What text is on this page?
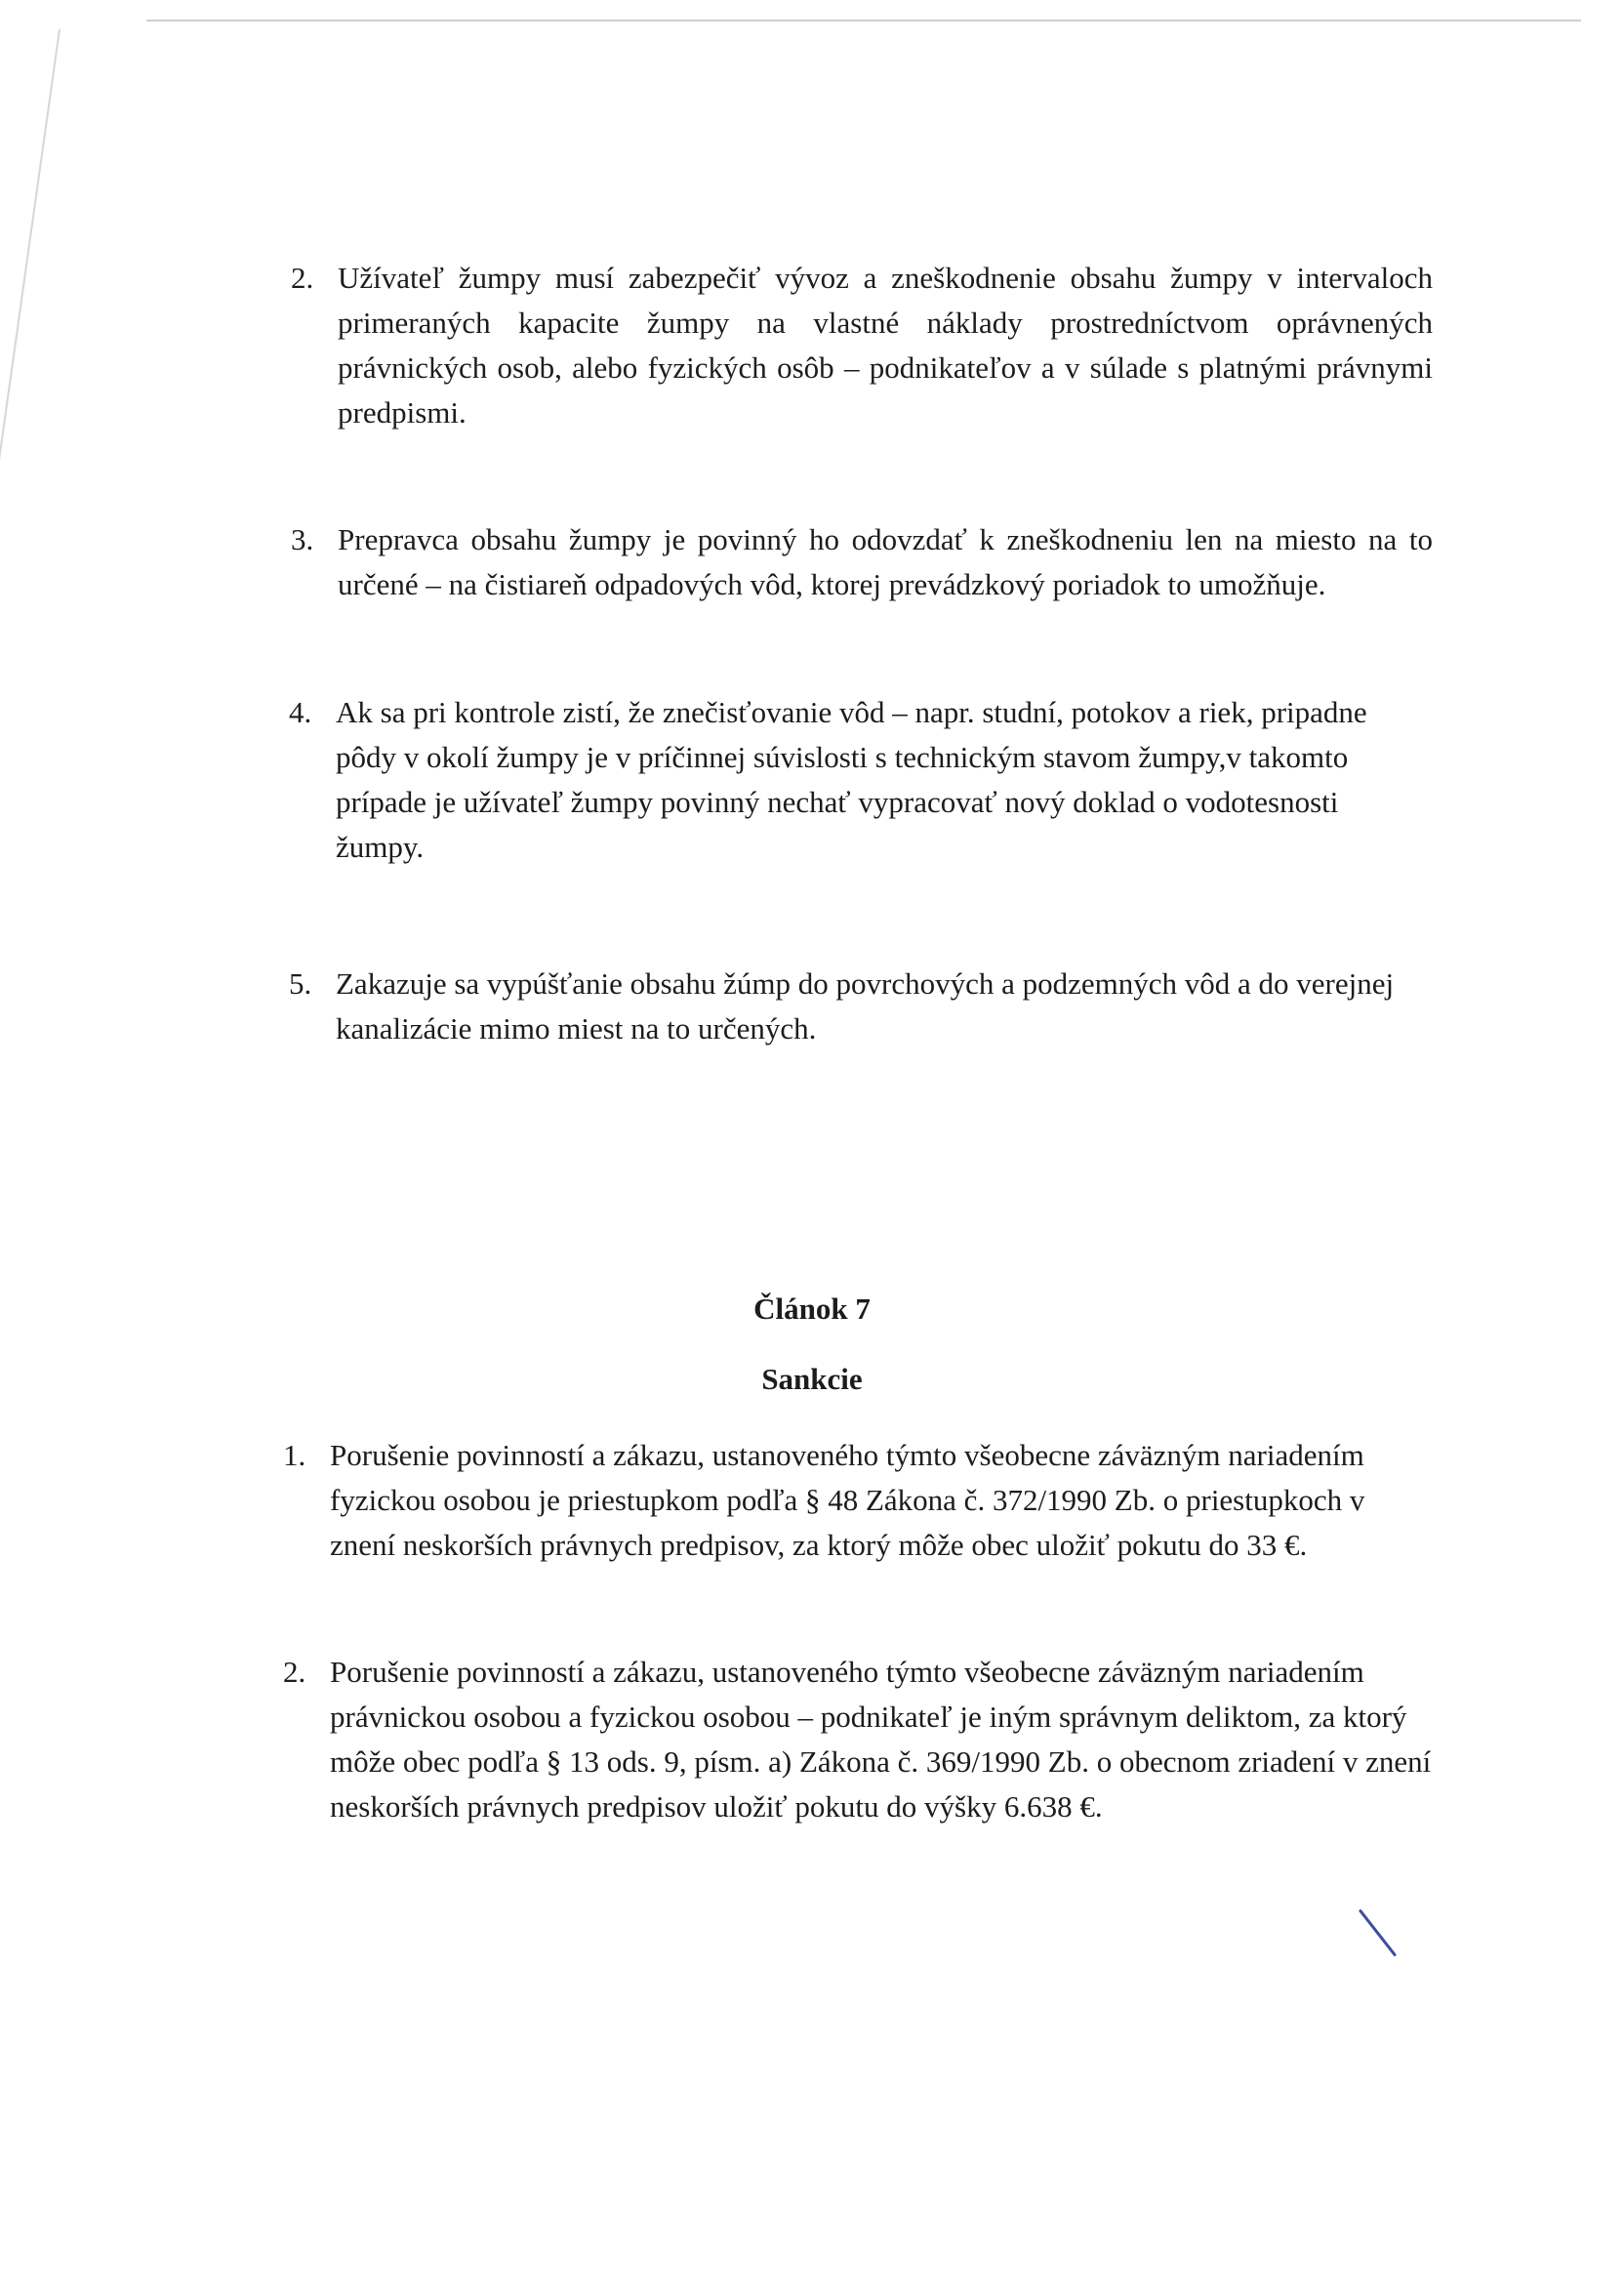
2. Užívateľ žumpy musí zabezpečiť vývoz a zneškodnenie obsahu žumpy v intervaloch primeraných kapacite žumpy na vlastné náklady prostredníctvom oprávnených právnických osob, alebo fyzických osôb – podnikateľov a v súlade s platnými právnymi predpismi.
3. Prepravca obsahu žumpy je povinný ho odovzdať k zneškodneniu len na miesto na to určené – na čistiareň odpadových vôd, ktorej prevádzkový poriadok to umožňuje.
4. Ak sa pri kontrole zistí, že znečisťovanie vôd – napr. studní, potokov a riek, pripadne pôdy v okolí žumpy je v príčinnej súvislosti s technickým stavom žumpy,v takomto prípade je užívateľ žumpy povinný nechať vypracovať nový doklad o vodotesnosti žumpy.
5. Zakazuje sa vypúšťanie obsahu žúmp do povrchových a podzemných vôd a do verejnej kanalizácie mimo miest na to určených.
Článok 7
Sankcie
1. Porušenie povinností a zákazu, ustanoveného týmto všeobecne záväzným nariadením fyzickou osobou je priestupkom podľa § 48 Zákona č. 372/1990 Zb. o priestupkoch v znení neskorších právnych predpisov, za ktorý môže obec uložiť pokutu do 33 €.
2. Porušenie povinností a zákazu, ustanoveného týmto všeobecne záväzným nariadením právnickou osobou a fyzickou osobou – podnikateľ je iným správnym deliktom, za ktorý môže obec podľa § 13 ods. 9, písm. a) Zákona č. 369/1990 Zb. o obecnom zriadení v znení neskorších právnych predpisov uložiť pokutu do výšky 6.638 €.
